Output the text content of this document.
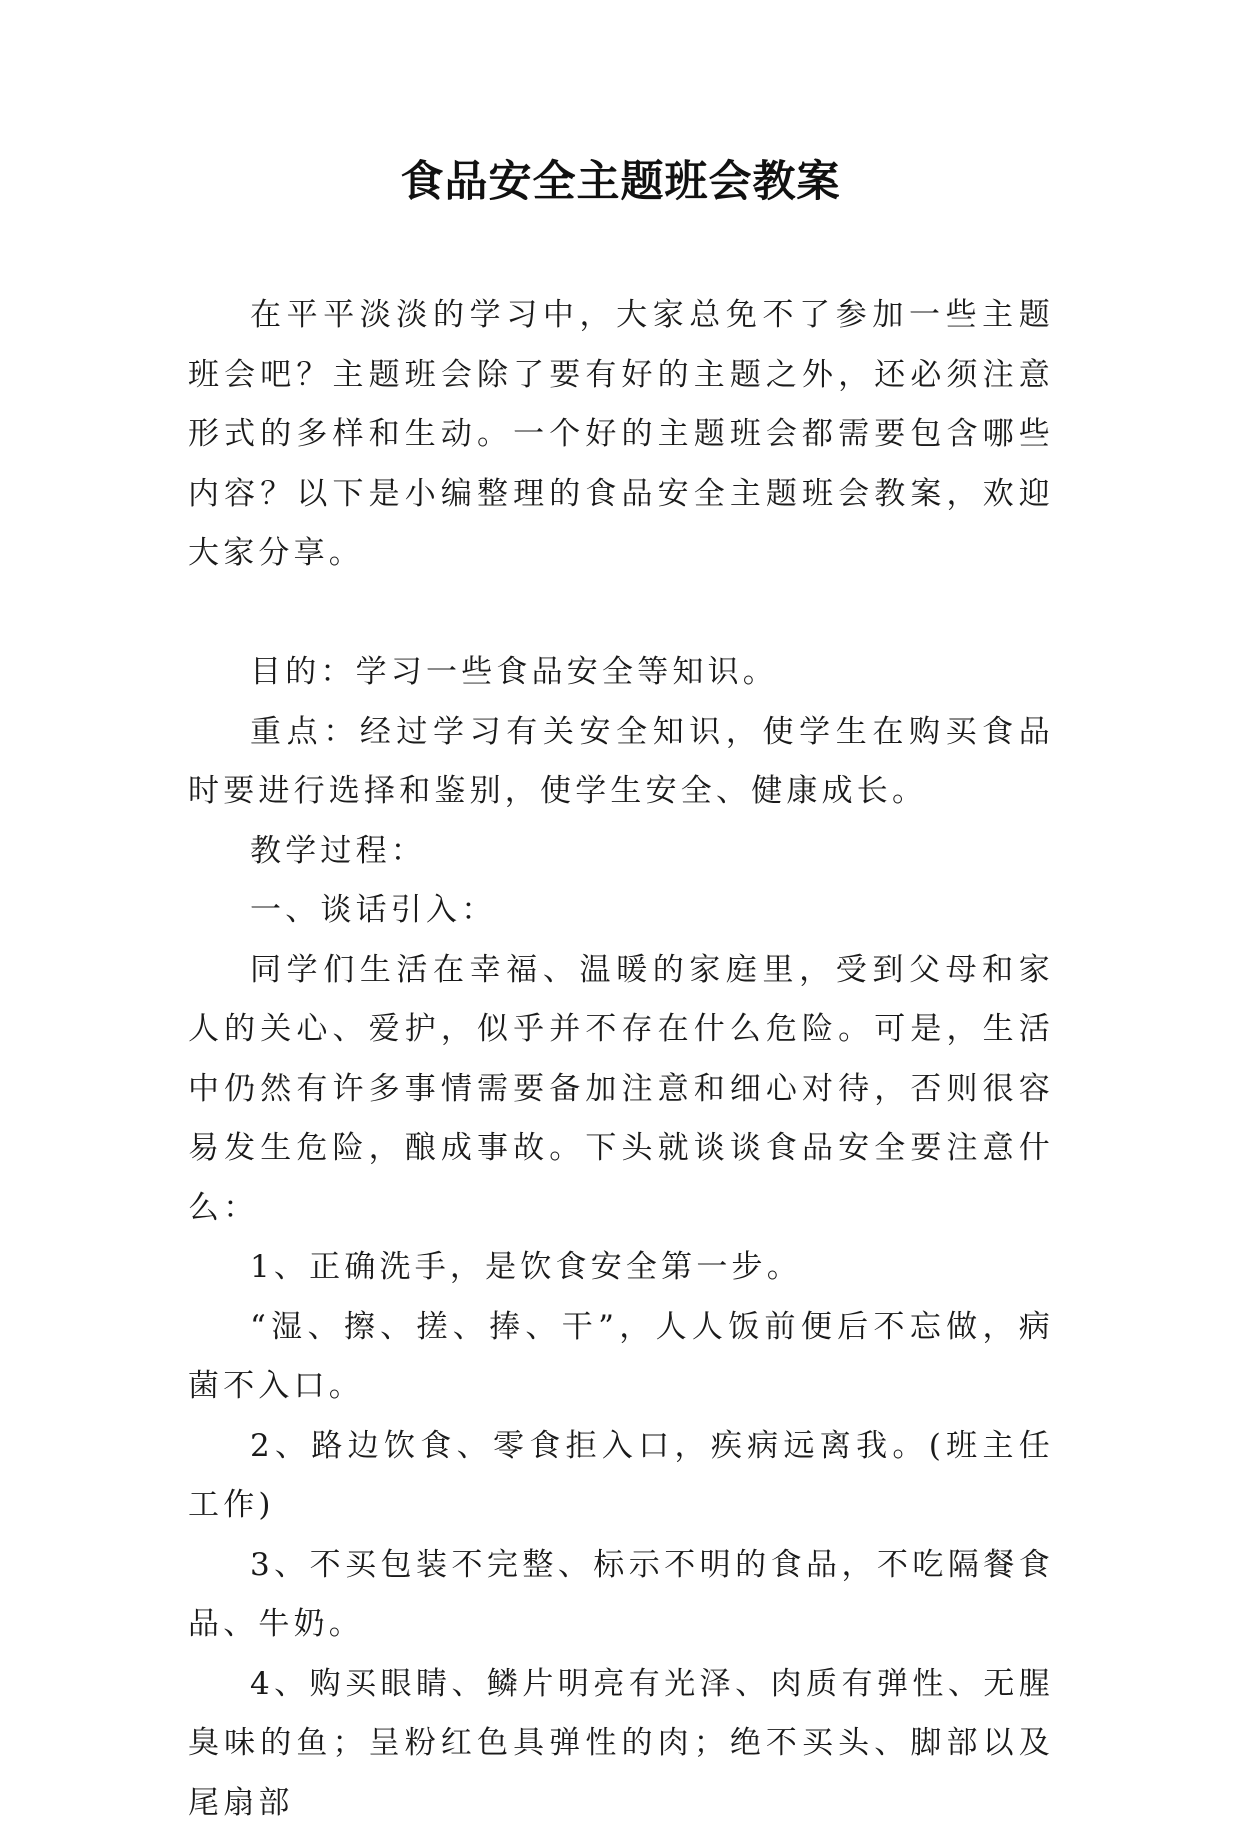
食品安全主题班会教案

在平平淡淡的学习中，大家总免不了参加一些主题班会吧？主题班会除了要有好的主题之外，还必须注意形式的多样和生动。一个好的主题班会都需要包含哪些内容？以下是小编整理的食品安全主题班会教案，欢迎大家分享。

目的：学习一些食品安全等知识。

重点：经过学习有关安全知识，使学生在购买食品时要进行选择和鉴别，使学生安全、健康成长。

教学过程：

一、谈话引入：

同学们生活在幸福、温暖的家庭里，受到父母和家人的关心、爱护，似乎并不存在什么危险。可是，生活中仍然有许多事情需要备加注意和细心对待，否则很容易发生危险，酿成事故。下头就谈谈食品安全要注意什么：

1、正确洗手，是饮食安全第一步。

“湿、擦、搓、捧、干”，人人饭前便后不忘做，病菌不入口。

2、路边饮食、零食拒入口，疾病远离我。(班主任工作)

3、不买包装不完整、标示不明的食品，不吃隔餐食品、牛奶。

4、购买眼睛、鳞片明亮有光泽、肉质有弹性、无腥臭味的鱼；呈粉红色具弹性的肉；绝不买头、脚部以及尾扇部
